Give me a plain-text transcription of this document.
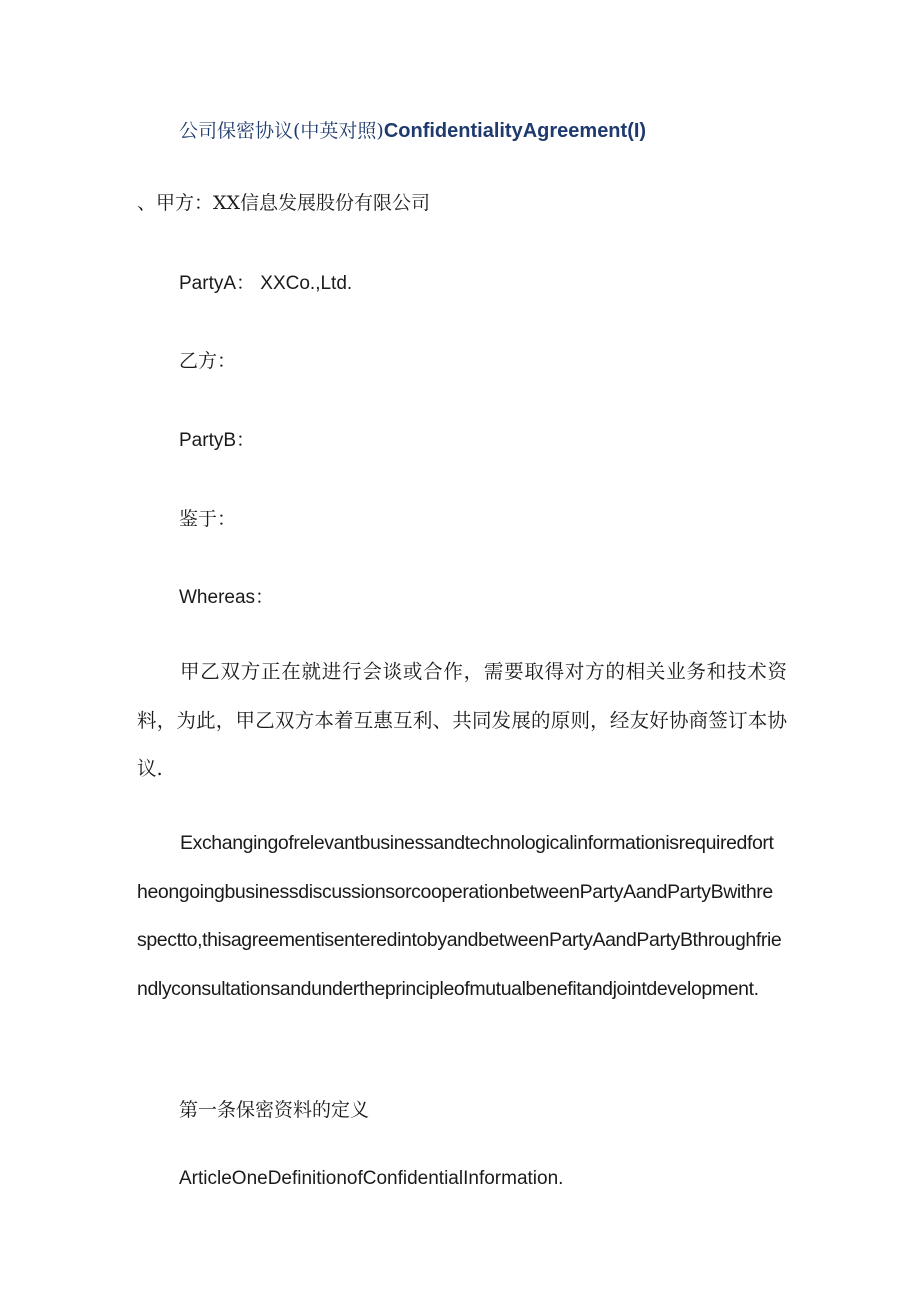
公司保密协议(中英对照)ConfidentialityAgreement(I)
、甲方：XX信息发展股份有限公司
PartyA： XXCo.,Ltd.
乙方：
PartyB：
鉴于：
Whereas：
甲乙双方正在就进行会谈或合作，需要取得对方的相关业务和技术资料，为此，甲乙双方本着互惠互利、共同发展的原则，经友好协商签订本协议.
ExchangingofrelevantbusinessandtechnologicalinformationisrequiredfortheongoingbusinessdiscussionsorcooperationbetweenPartyAandPartyBwithrespectto,thisagreementisenteredintobyandbetweenPartyAandPartyBthroughfriendlyconsultationsandundertheprincipleofmutualbenefitandjointdevelopment.
第一条保密资料的定义
ArticleOneDefinitionofConfidentialInformation.
